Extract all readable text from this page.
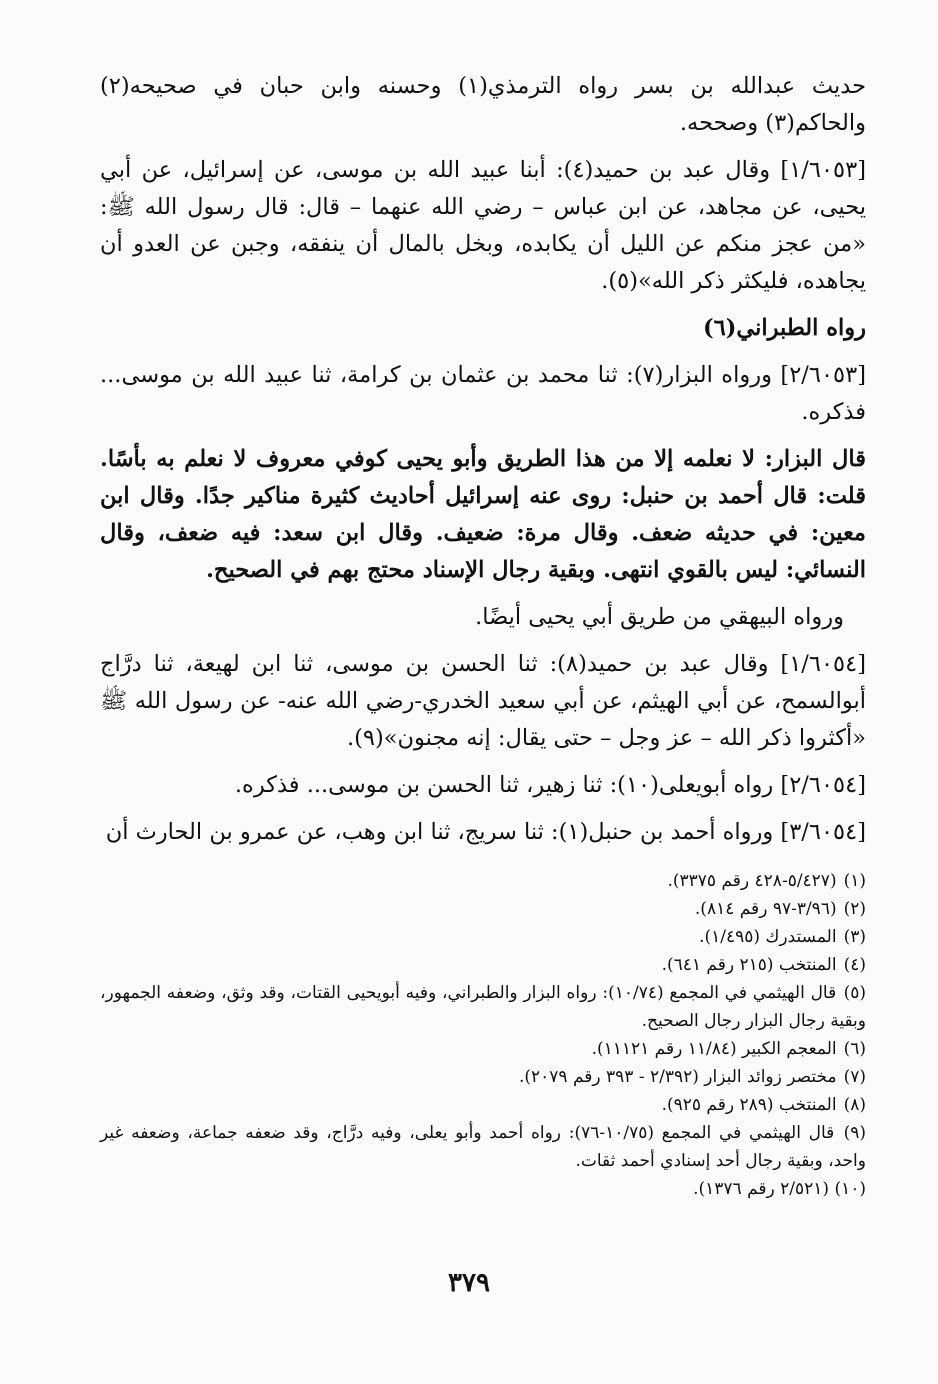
حديث عبدالله بن بسر رواه الترمذي(١) وحسنه وابن حبان في صحيحه(٢) والحاكم(٣) وصححه.

[١/٦٠٥٣] وقال عبد بن حميد(٤): أبنا عبيد الله بن موسى، عن إسرائيل، عن أبي يحيى، عن مجاهد، عن ابن عباس – رضي الله عنهما – قال: قال رسول الله ﷺ: «من عجز منكم عن الليل أن يكابده، وبخل بالمال أن ينفقه، وجبن عن العدو أن يجاهده، فليكثر ذكر الله»(٥).

رواه الطبراني(٦)

[٢/٦٠٥٣] ورواه البزار(٧): ثنا محمد بن عثمان بن كرامة، ثنا عبيد الله بن موسى... فذكره.

قال البزار: لا نعلمه إلا من هذا الطريق وأبو يحيى كوفي معروف لا نعلم به بأسًا. قلت: قال أحمد بن حنبل: روى عنه إسرائيل أحاديث كثيرة مناكير جدًا. وقال ابن معين: في حديثه ضعف. وقال مرة: ضعيف. وقال ابن سعد: فيه ضعف، وقال النسائي: ليس بالقوي انتهى. وبقية رجال الإسناد محتج بهم في الصحيح.

ورواه البيهقي من طريق أبي يحيى أيضًا.

[١/٦٠٥٤] وقال عبد بن حميد(٨): ثنا الحسن بن موسى، ثنا ابن لهيعة، ثنا درَّاج أبوالسمح، عن أبي الهيثم، عن أبي سعيد الخدري-رضي الله عنه- عن رسول الله ﷺ «أكثروا ذكر الله – عز وجل – حتى يقال: إنه مجنون»(٩).

[٢/٦٠٥٤] رواه أبويعلى(١٠): ثنا زهير، ثنا الحسن بن موسى... فذكره.

[٣/٦٠٥٤] ورواه أحمد بن حنبل(١): ثنا سريج، ثنا ابن وهب، عن عمرو بن الحارث أن

(١) (٥/٤٢٧-٤٢٨ رقم ٣٣٧٥).

(٢) (٣/٩٦-٩٧ رقم ٨١٤).

(٣) المستدرك (١/٤٩٥).

(٤) المنتخب (٢١٥ رقم ٦٤١).

(٥) قال الهيثمي في المجمع (١٠/٧٤): رواه البزار والطبراني، وفيه أبويحيى القتات، وقد وثق، وضعفه الجمهور، وبقية رجال البزار رجال الصحيح.

(٦) المعجم الكبير (١١/٨٤ رقم ١١١٢١).

(٧) مختصر زوائد البزار (٢/٣٩٢ - ٣٩٣ رقم ٢٠٧٩).

(٨) المنتخب (٢٨٩ رقم ٩٢٥).

(٩) قال الهيثمي في المجمع (١٠/٧٥-٧٦): رواه أحمد وأبو يعلى، وفيه درَّاج، وقد ضعفه جماعة، وضعفه غير واحد، وبقية رجال أحد إسنادي أحمد ثقات.

(١٠) (٢/٥٢١ رقم ١٣٧٦).

٣٧٩
